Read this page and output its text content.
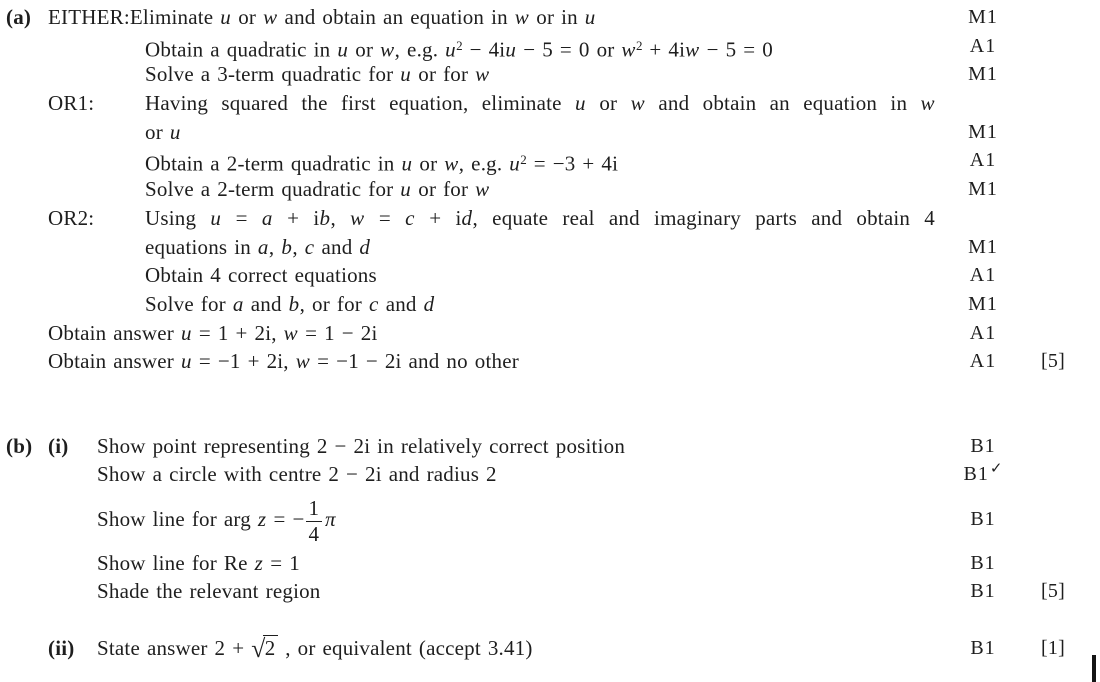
(a) EITHER:Eliminate u or w and obtain an equation in w or in u	M1
Obtain a quadratic in u or w, e.g. $u^2 - 4iu - 5 = 0$ or $w^2 + 4iw - 5 = 0$	A1
Solve a 3-term quadratic for u or for w	M1
OR1: Having squared the first equation, eliminate u or w and obtain an equation in w
or u	M1
Obtain a 2-term quadratic in u or w, e.g. $u^2 = -3 + 4i$	A1
Solve a 2-term quadratic for u or for w	M1
OR2: Using u = a + ib, w = c + id, equate real and imaginary parts and obtain 4
equations in a, b, c and d	M1
Obtain 4 correct equations	A1
Solve for a and b, or for c and d	M1
Obtain answer u = 1 + 2i, w = 1 − 2i	A1
Obtain answer u = −1 + 2i, w = −1 − 2i and no other	A1	[5]
(b) (i) Show point representing 2 − 2i in relatively correct position	B1
Show a circle with centre 2 − 2i and radius 2	B1✓
Show line for arg z = − $\frac{1}{4}$ π	B1
Show line for Re z = 1	B1
Shade the relevant region	B1	[5]
(ii) State answer 2 + √2 , or equivalent (accept 3.41)	B1	[1]
